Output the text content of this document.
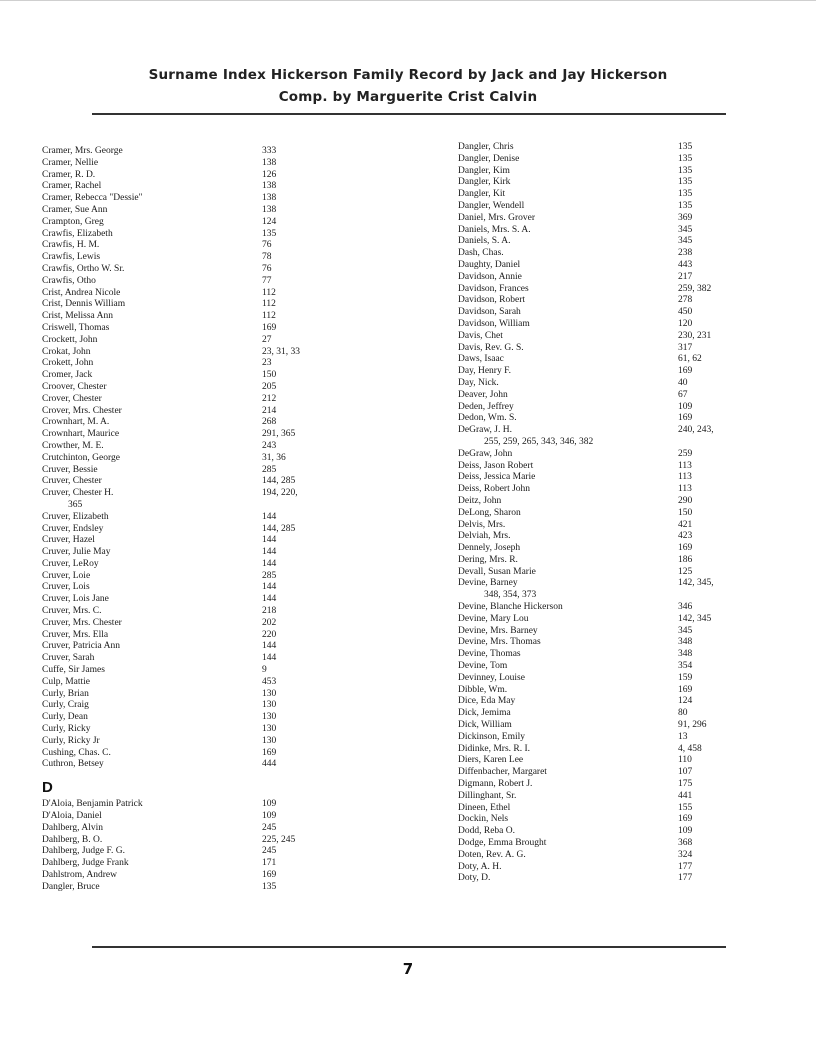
Surname Index Hickerson Family Record by Jack and Jay Hickerson
Comp. by Marguerite Crist Calvin
Cramer, Mrs. George	333
Cramer, Nellie	138
Cramer, R. D.	126
Cramer, Rachel	138
Cramer, Rebecca "Dessie"	138
Cramer, Sue Ann	138
Crampton, Greg	124
Crawfis, Elizabeth	135
Crawfis, H. M.	76
Crawfis, Lewis	78
Crawfis, Ortho W. Sr.	76
Crawfis, Otho	77
Crist, Andrea Nicole	112
Crist, Dennis William	112
Crist, Melissa Ann	112
Criswell, Thomas	169
Crockett, John	27
Crokat, John	23, 31, 33
Crokett, John	23
Cromer, Jack	150
Croover, Chester	205
Crover, Chester	212
Crover, Mrs. Chester	214
Crownhart, M. A.	268
Crownhart, Maurice	291, 365
Crowther, M. E.	243
Crutchinton, George	31, 36
Cruver, Bessie	285
Cruver, Chester	144, 285
Cruver, Chester H.	194, 220,
365
Cruver, Elizabeth	144
Cruver, Endsley	144, 285
Cruver, Hazel	144
Cruver, Julie May	144
Cruver, LeRoy	144
Cruver, Loie	285
Cruver, Lois	144
Cruver, Lois Jane	144
Cruver, Mrs. C.	218
Cruver, Mrs. Chester	202
Cruver, Mrs. Ella	220
Cruver, Patricia Ann	144
Cruver, Sarah	144
Cuffe, Sir James	9
Culp, Mattie	453
Curly, Brian	130
Curly, Craig	130
Curly, Dean	130
Curly, Ricky	130
Curly, Ricky Jr	130
Cushing, Chas. C.	169
Cuthron, Betsey	444
D
D'Aloia, Benjamin Patrick	109
D'Aloia, Daniel	109
Dahlberg, Alvin	245
Dahlberg, B. O.	225, 245
Dahlberg, Judge F. G.	245
Dahlberg, Judge Frank	171
Dahlstrom, Andrew	169
Dangler, Bruce	135
Dangler, Chris	135
Dangler, Denise	135
Dangler, Kim	135
Dangler, Kirk	135
Dangler, Kit	135
Dangler, Wendell	135
Daniel, Mrs. Grover	369
Daniels, Mrs. S. A.	345
Daniels, S. A.	345
Dash, Chas.	238
Daughty, Daniel	443
Davidson, Annie	217
Davidson, Frances	259, 382
Davidson, Robert	278
Davidson, Sarah	450
Davidson, William	120
Davis, Chet	230, 231
Davis, Rev. G. S.	317
Daws, Isaac	61, 62
Day, Henry F.	169
Day, Nick.	40
Deaver, John	67
Deden, Jeffrey	109
Dedon, Wm. S.	169
DeGraw, J. H.	240, 243,
255, 259, 265, 343, 346, 382
DeGraw, John	259
Deiss, Jason Robert	113
Deiss, Jessica Marie	113
Deiss, Robert John	113
Deitz, John	290
DeLong, Sharon	150
Delvis, Mrs.	421
Delviah, Mrs.	423
Dennely, Joseph	169
Dering, Mrs. R.	186
Devall, Susan Marie	125
Devine, Barney	142, 345,
348, 354, 373
Devine, Blanche Hickerson	346
Devine, Mary Lou	142, 345
Devine, Mrs. Barney	345
Devine, Mrs. Thomas	348
Devine, Thomas	348
Devine, Tom	354
Devinney, Louise	159
Dibble, Wm.	169
Dice, Eda May	124
Dick, Jemima	80
Dick, William	91, 296
Dickinson, Emily	13
Didinke, Mrs. R. I.	4, 458
Diers, Karen Lee	110
Diffenbacher, Margaret	107
Digmann, Robert J.	175
Dillinghant, Sr.	441
Dineen, Ethel	155
Dockin, Nels	169
Dodd, Reba O.	109
Dodge, Emma Brought	368
Doten, Rev. A. G.	324
Doty, A. H.	177
Doty, D.	177
7
